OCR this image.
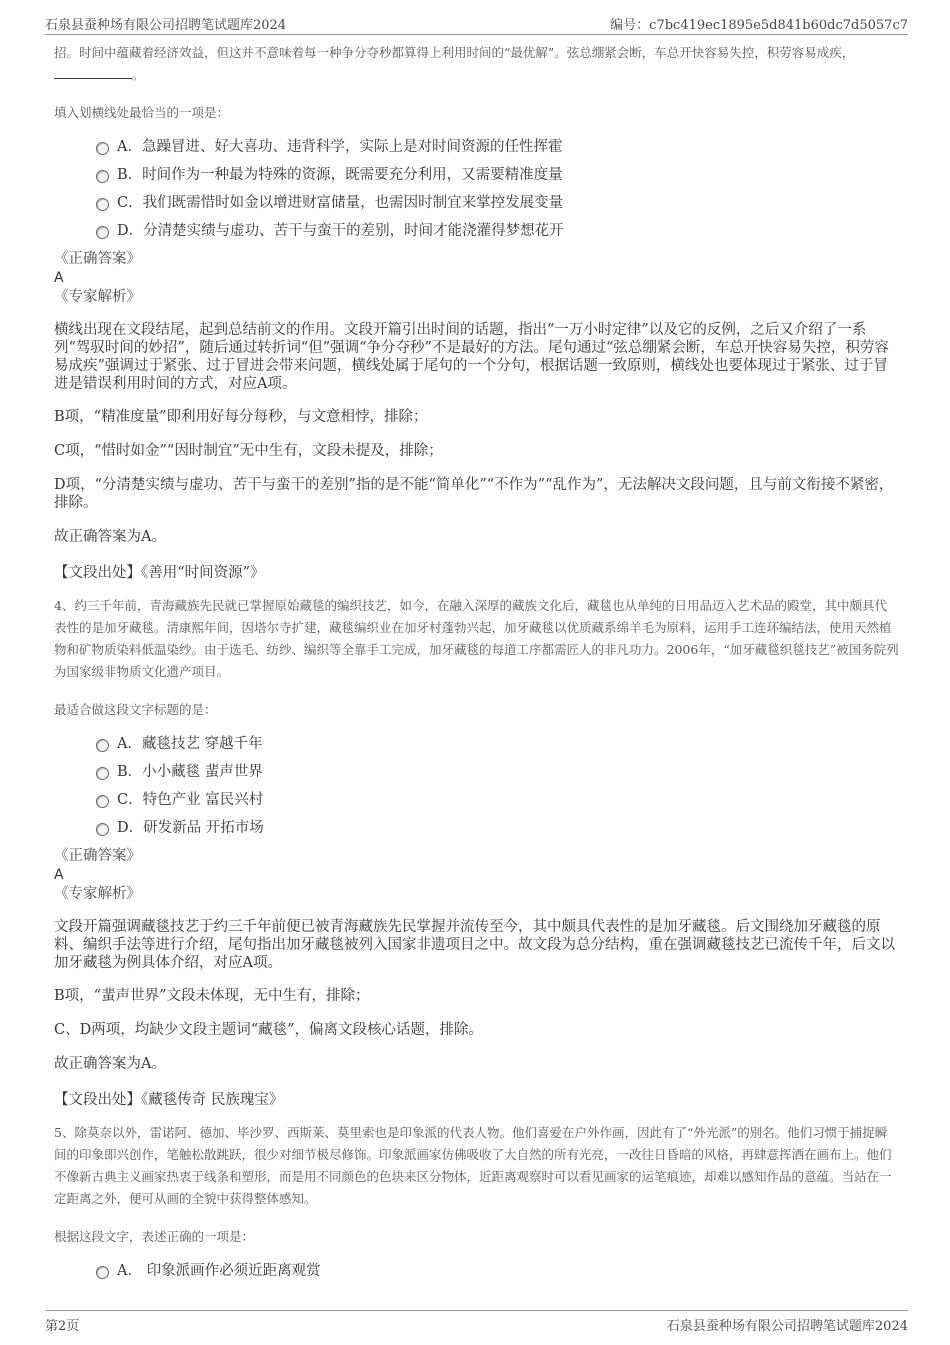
石泉县蚕种场有限公司招聘笔试题库2024	编号：c7bc419ec1895e5d841b60dc7d5057c7
招。时间中蕴藏着经济效益，但这并不意味着每一种争分夺秒都算得上利用时间的“最优解”。弦总绷紧会断，车总开快容易失控，积劳容易成疾，。
填入划横线处最恰当的一项是：
A．急躁冒进、好大喜功、违背科学，实际上是对时间资源的任性挥霍
B．时间作为一种最为特殊的资源，既需要充分利用，又需要精准度量
C．我们既需惜时如金以增进财富储量，也需因时制宜来掌控发展变量
D．分清楚实绩与虚功、苦干与蛮干的差别，时间才能浇灌得梦想花开
《正确答案》
A
《专家解析》
横线出现在文段结尾，起到总结前文的作用。文段开篇引出时间的话题，指出“一万小时定律”以及它的反例，之后又介绍了一系列“驾驭时间的妙招”，随后通过转折词“但”强调“争分夺秒”不是最好的方法。尾句通过“弦总绷紧会断，车总开快容易失控，积劳容易成疾”强调过于紧张、过于冒进会带来问题，横线处属于尾句的一个分句，根据话题一致原则，横线处也要体现过于紧张、过于冒进是错误利用时间的方式，对应A项。
B项，“精准度量”即利用好每分每秒，与文意相悖，排除；
C项，“惜时如金”“因时制宜”无中生有，文段未提及，排除；
D项，“分清楚实绩与虚功、苦干与蛮干的差别”指的是不能“简单化”“不作为”“乱作为”，无法解决文段问题，且与前文衔接不紧密，排除。
故正确答案为A。
【文段出处】《善用“时间资源”》
4、约三千年前，青海藏族先民就已掌握原始藏毯的编织技艺，如今，在融入深厚的藏族文化后，藏毯也从单纯的日用品迈入艺术品的殿堂，其中颇具代表性的是加牙藏毯。清康熙年间，因塔尔寺扩建，藏毯编织业在加牙村蓬勃兴起，加牙藏毯以优质藏系绵羊毛为原料，运用手工连环编结法，使用天然植物和矿物质染料低温染纱。由于选毛、纺纱、编织等全靠手工完成，加牙藏毯的每道工序都需匠人的非凡功力。2006年，“加牙藏毯织毯技艺”被国务院列为国家级非物质文化遗产项目。
最适合做这段文字标题的是：
A．藏毯技艺 穿越千年
B．小小藏毯 蜚声世界
C．特色产业 富民兴村
D．研发新品 开拓市场
《正确答案》
A
《专家解析》
文段开篇强调藏毯技艺于约三千年前便已被青海藏族先民掌握并流传至今，其中颇具代表性的是加牙藏毯。后文围绕加牙藏毯的原料、编织手法等进行介绍，尾句指出加牙藏毯被列入国家非遗项目之中。故文段为总分结构，重在强调藏毯技艺已流传千年，后文以加牙藏毯为例具体介绍，对应A项。
B项，“蜚声世界”文段未体现，无中生有，排除；
C、D两项，均缺少文段主题词“藏毯”，偏离文段核心话题，排除。
故正确答案为A。
【文段出处】《藏毯传奇 民族瑰宝》
5、除莫奈以外，雷诺阿、德加、毕沙罗、西斯莱、莫里索也是印象派的代表人物。他们喜爱在户外作画，因此有了“外光派”的别名。他们习惯于捕捉瞬间的印象即兴创作，笔触松散跳跃，很少对细节极尽修饰。印象派画家仿佛吸收了大自然的所有光亮，一改往日昏暗的风格，再肆意挥洒在画布上。他们不像新古典主义画家热衷于线条和塑形，而是用不同颜色的色块来区分物体，近距离观察时可以看见画家的运笔痕迹，却难以感知作品的意蕴。当站在一定距离之外，便可从画的全貌中获得整体感知。
根据这段文字，表述正确的一项是：
A． 印象派画作必须近距离观赏
第2页	石泉县蚕种场有限公司招聘笔试题库2024
